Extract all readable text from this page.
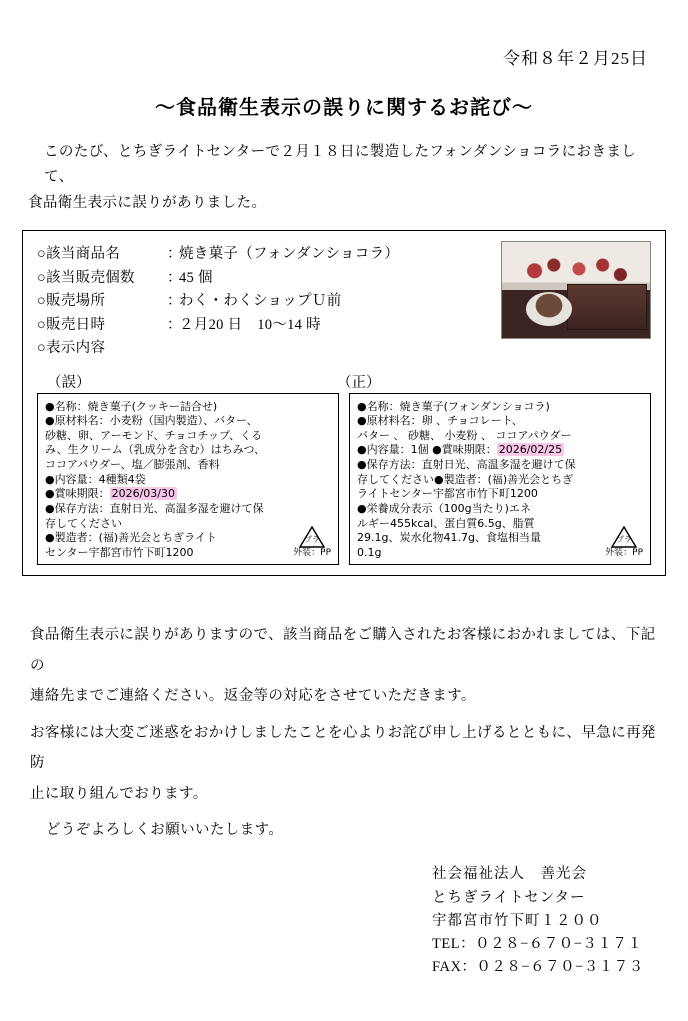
令和８年２月25日
〜食品衛生表示の誤りに関するお詫び〜
このたび、とちぎライトセンターで２月１８日に製造したフォンダンショコラにおきまして、
食品衛生表示に誤りがありました。
○該当商品名	：
焼き菓子（フォンダンショコラ）
○該当販売個数	：
45 個
○販売場所	：
わく・わくショップＵ前
○販売日時	：
２月20 日　10〜14 時
○表示内容
（誤）	（正）

●名称：焼き菓子(クッキー詰合せ)

●原材料名：小麦粉（国内製造）、バター、

砂糖、卵、アーモンド、チョコチップ、くる

み、生クリーム（乳成分を含む）はちみつ、

ココアパウダー、塩／膨張剤、香料

●内容量：4種類4袋

●賞味期限： 2026/03/30

●保存方法：直射日光、高温多湿を避けて保

存してください

●製造者：(福)善光会とちぎライト

センター宇都宮市竹下町1200

プラ
外装：PP

●名称：焼き菓子(フォンダンショコラ)

●原材料名：卵 、チョコレート、

バター 、 砂糖、 小麦粉 、 ココアパウダー

●内容量：1個 ●賞味期限： 2026/02/25

●保存方法：直射日光、高温多湿を避けて保

存してください●製造者：(福)善光会とちぎ

ライトセンター宇都宮市竹下町1200

●栄養成分表示（100g当たり)エネ

ルギー455kcal、蛋白質6.5g、脂質

29.1g、炭水化物41.7g、食塩相当量

0.1g

プラ
外装：PP

食品衛生表示に誤りがありますので、該当商品をご購入されたお客様におかれましては、下記の
連絡先までご連絡ください。返金等の対応をさせていただきます。

お客様には大変ご迷惑をおかけしましたことを心よりお詫び申し上げるとともに、早急に再発防
止に取り組んでおります。

どうぞよろしくお願いいたします。

社会福祉法人　善光会
とちぎライトセンター
宇都宮市竹下町１２００
TEL：０２８−６７０−３１７１
FAX：０２８−６７０−３１７３
